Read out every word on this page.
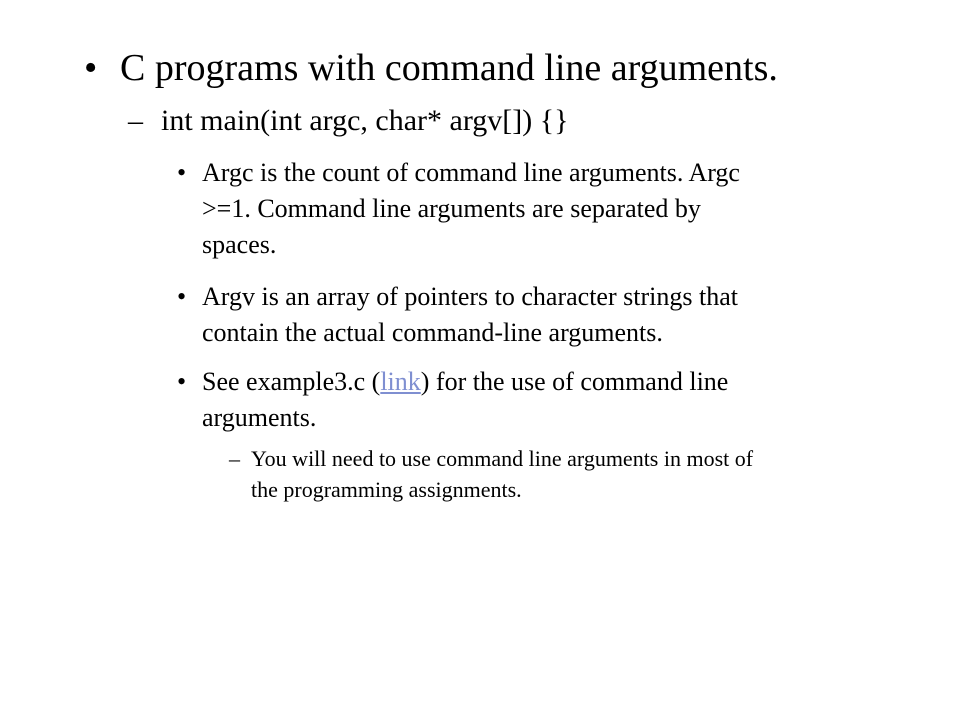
• C programs with command line arguments.
– int main(int argc, char* argv[]) {}
• Argc is the count of command line arguments. Argc
>=1. Command line arguments are separated by
spaces.
• Argv is an array of pointers to character strings that
contain the actual command-line arguments.
• See example3.c (link) for the use of command line
arguments.
– You will need to use command line arguments in most of
the programming assignments.
